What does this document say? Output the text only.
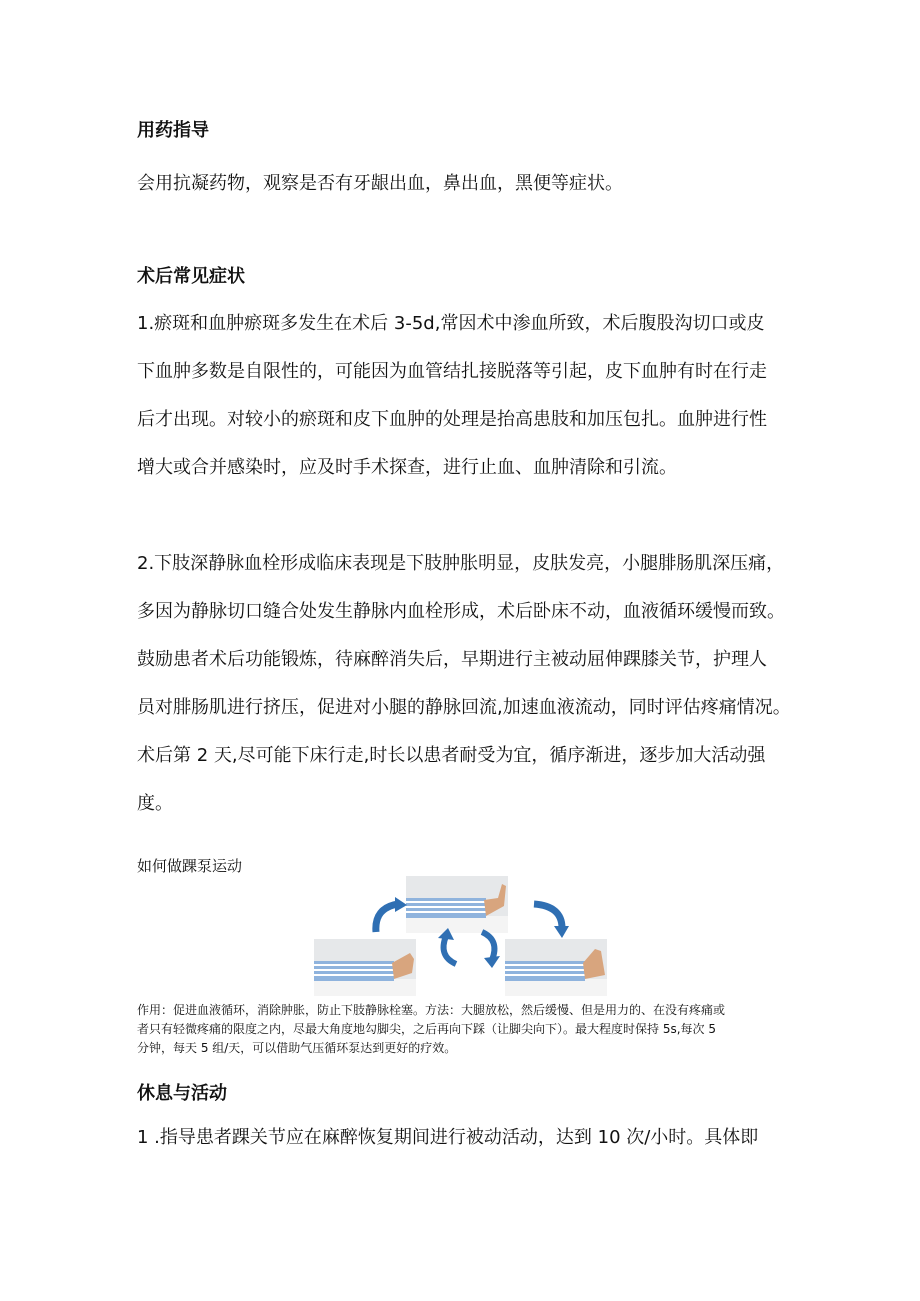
用药指导

会用抗凝药物，观察是否有牙龈出血，鼻出血，黑便等症状。

术后常见症状

1.瘀斑和血肿瘀斑多发生在术后 3-5d,常因术中渗血所致，术后腹股沟切口或皮
下血肿多数是自限性的，可能因为血管结扎接脱落等引起，皮下血肿有时在行走
后才出现。对较小的瘀斑和皮下血肿的处理是抬高患肢和加压包扎。血肿进行性
增大或合并感染时，应及时手术探查，进行止血、血肿清除和引流。

2.下肢深静脉血栓形成临床表现是下肢肿胀明显，皮肤发亮，小腿腓肠肌深压痛，
多因为静脉切口缝合处发生静脉内血栓形成，术后卧床不动，血液循环缓慢而致。
鼓励患者术后功能锻炼，待麻醉消失后，早期进行主被动屈伸踝膝关节，护理人
员对腓肠肌进行挤压，促进对小腿的静脉回流,加速血液流动，同时评估疼痛情况。
术后第 2 天,尽可能下床行走,时长以患者耐受为宜，循序渐进，逐步加大活动强
度。

如何做踝泵运动

作用：促进血液循环，消除肿胀，防止下肢静脉栓塞。方法：大腿放松，然后缓慢、但是用力的、在没有疼痛或
者只有轻微疼痛的限度之内，尽最大角度地勾脚尖，之后再向下踩（让脚尖向下）。最大程度时保持 5s,每次 5
分钟，每天 5 组/天，可以借助气压循环泵达到更好的疗效。

休息与活动

1 .指导患者踝关节应在麻醉恢复期间进行被动活动，达到 10 次/小时。具体即
